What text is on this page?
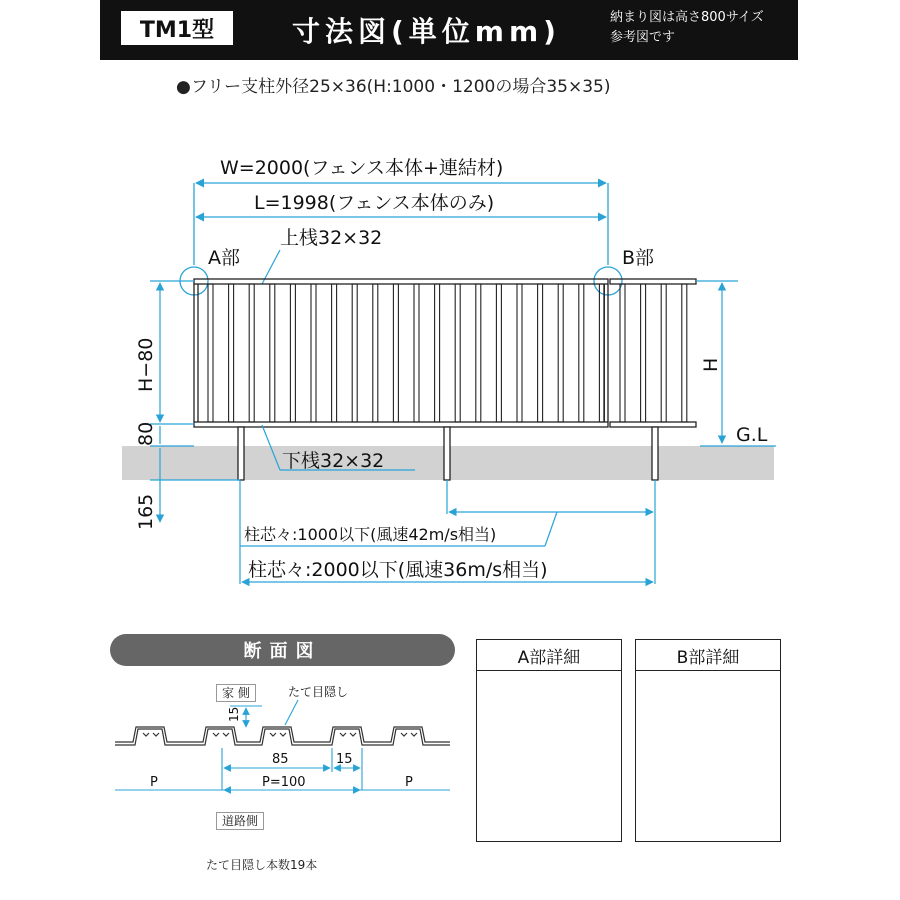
TM1型	寸法図(単位mm)	納まり図は高さ800サイズ
参考図です
●フリー支柱外径25×36(H:1000・1200の場合35×35)
W=2000(フェンス本体+連結材)
L=1998(フェンス本体のみ)
A部	B部
上桟32×32
下桟32×32
H−80
80
165
H
G.L
柱芯々:1000以下(風速42m/s相当)
柱芯々:2000以下(風速36m/s相当)
たて目隠し
15
85	15
P	P=100	P
断面図
家 側
道路側
たて目隠し本数19本
A部詳細	B部詳細
